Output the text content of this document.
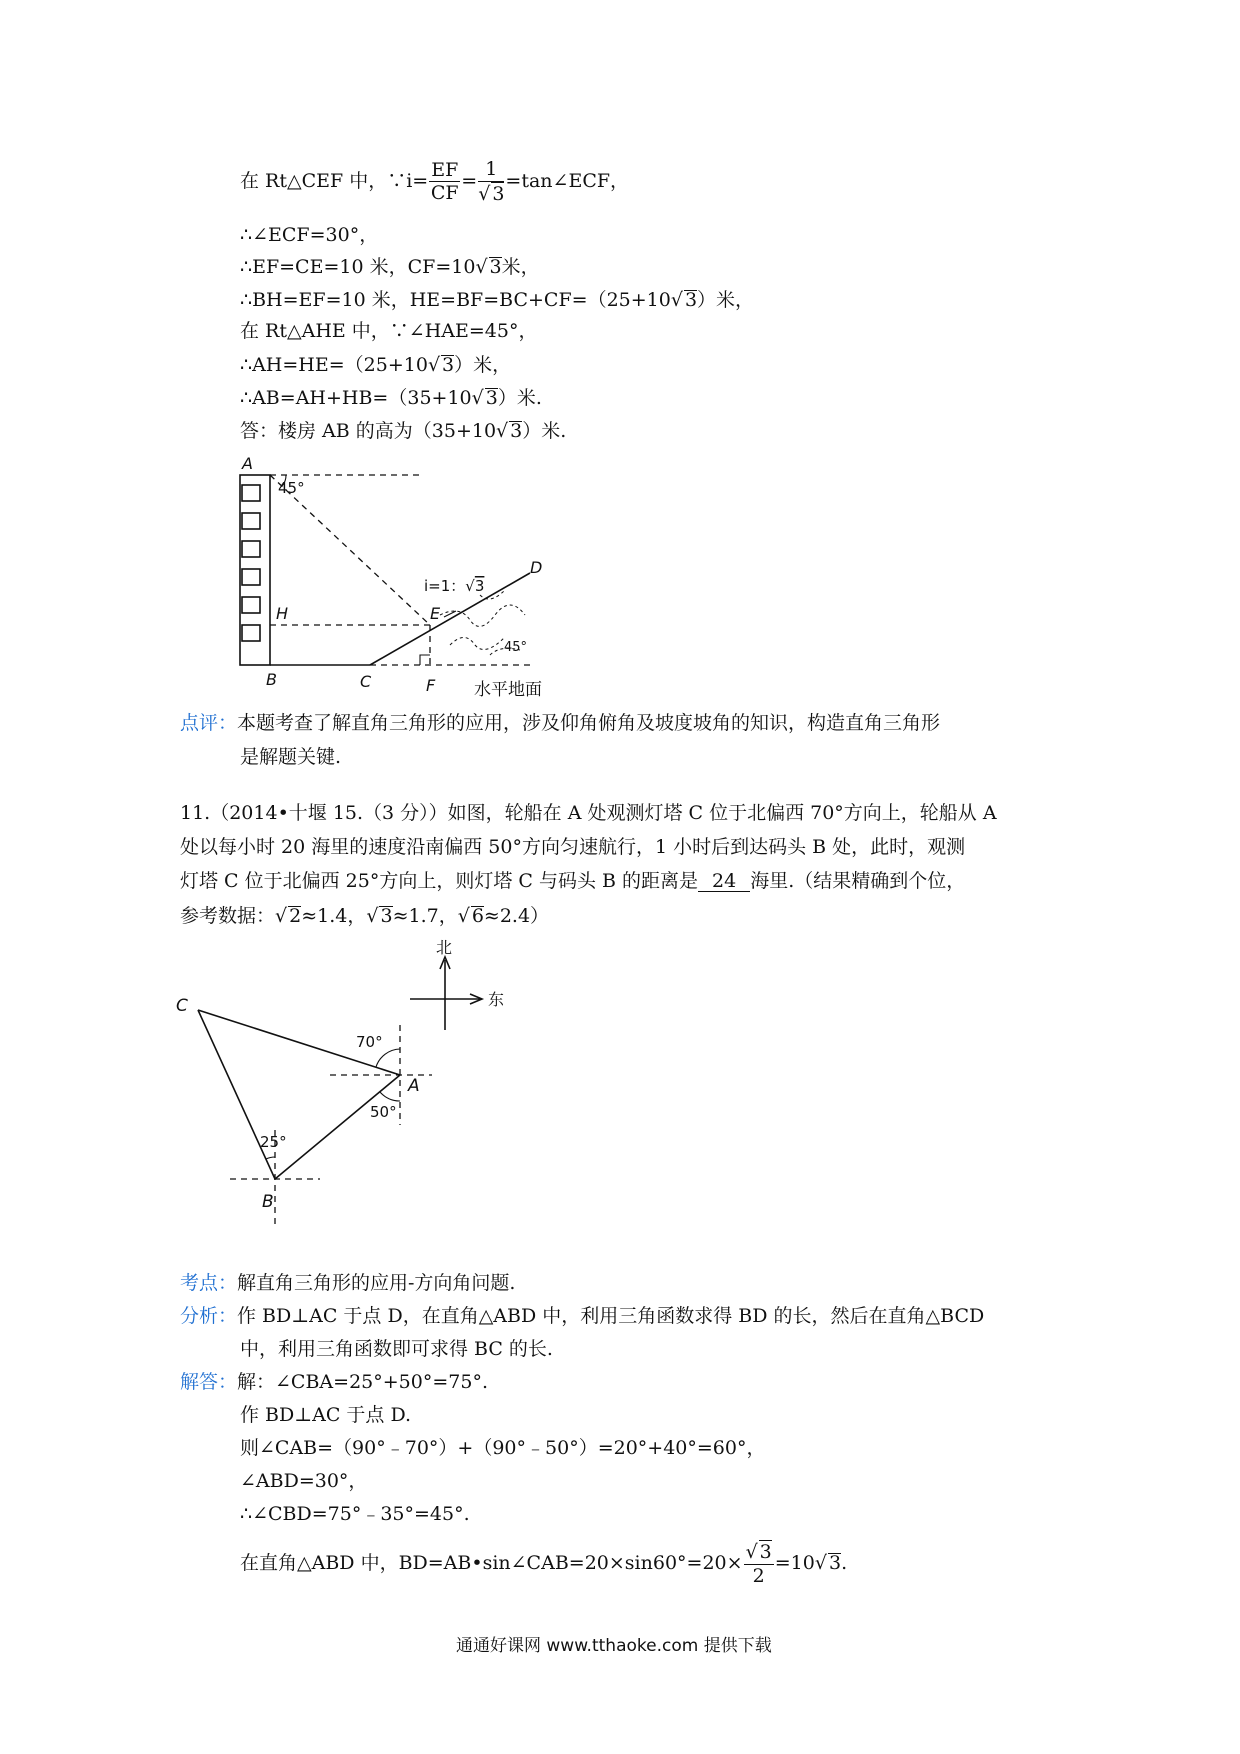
在 Rt△CEF 中，∵i= $\frac{EF}{CF} = \frac{1}{√ 3}$ =tan∠ECF，
∴∠ECF=30°，
∴EF=CE=10 米，CF=10√ 3米，
∴BH=EF=10 米，HE=BF=BC+CF=（25+10√ 3）米，
在 Rt△AHE 中，∵∠HAE=45°，
∴AH=HE=（25+10√ 3）米，
∴AB=AH+HB=（35+10√ 3）米.
答：楼房 AB 的高为（35+10√ 3）米.
A
45°
H
B	C
E
F
D
i=1：√3
45°
水平地面
点评：本题考查了解直角三角形的应用，涉及仰角俯角及坡度坡角的知识，构造直角三角形
是解题关键.
11.（2014•十堰 15.（3 分））如图，轮船在 A 处观测灯塔 C 位于北偏西 70°方向上，轮船从 A
处以每小时 20 海里的速度沿南偏西 50°方向匀速航行，1 小时后到达码头 B 处，此时，观测
灯塔 C 位于北偏西 25°方向上，则灯塔 C 与码头 B 的距离是 24 海里.（结果精确到个位，
参考数据：√ 2≈1.4，√ 3≈1.7，√ 6≈2.4）
北
东
C
A
B
70°
50°
25°
考点：解直角三角形的应用-方向角问题.
分析：作 BD⊥AC 于点 D，在直角△ABD 中，利用三角函数求得 BD 的长，然后在直角△BCD
中，利用三角函数即可求得 BC 的长.
解答：解：∠CBA=25°+50°=75°.
作 BD⊥AC 于点 D.
则∠CAB=（90°﹣70°）+（90°﹣50°）=20°+40°=60°，
∠ABD=30°，
∴∠CBD=75°﹣35°=45°.
在直角△ABD 中，BD=AB•sin∠CAB=20×sin60°=20× $\frac{√ 3}{2} =10√$ 3.
通通好课网 www.tthaoke.com 提供下载
